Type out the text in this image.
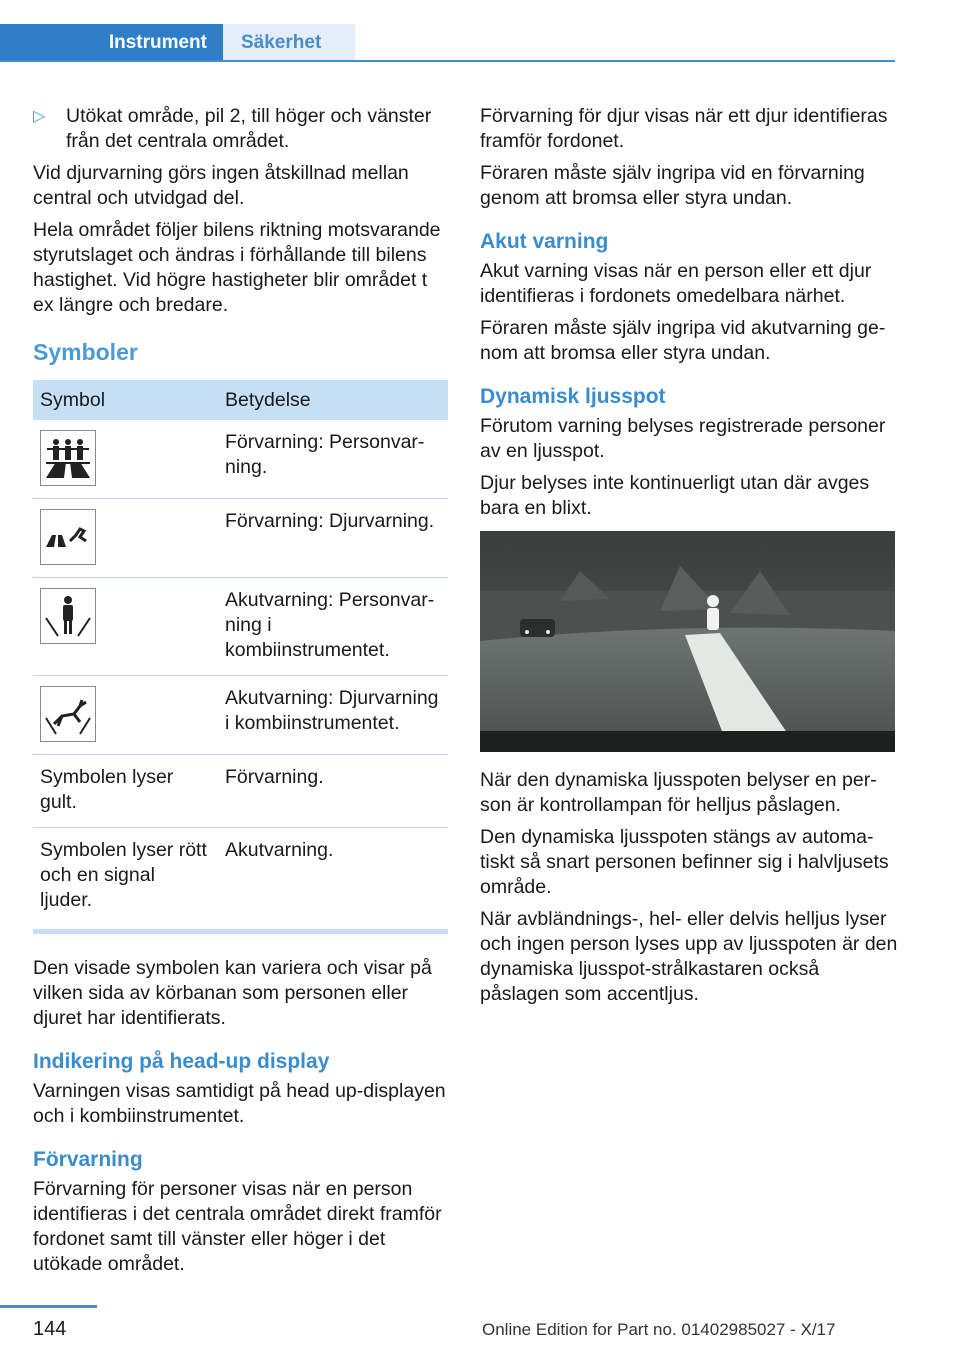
Instrument	Säkerhet
▷	Utökat område, pil 2, till höger och vänster från det centrala området.

Vid djurvarning görs ingen åtskillnad mellan central och utvidgad del.

Hela området följer bilens riktning motsvarande styrutslaget och ändras i förhållande till bilens hastighet. Vid högre hastigheter blir området t ex längre och bredare.

Symboler
Symbol	Betydelse

	Förvarning: Personvarning.

	Förvarning: Djurvarning.

	Akutvarning: Personvarning i kombiinstrumentet.

	Akutvarning: Djurvarning i kombiinstrumentet.
Symbolen lyser gult.	Förvarning.
Symbolen lyser rött och en signal ljuder.	Akutvarning.

Den visade symbolen kan variera och visar på vilken sida av körbanan som personen eller djuret har identifierats.

Indikering på head-up display

Varningen visas samtidigt på head up-displayen och i kombiinstrumentet.

Förvarning

Förvarning för personer visas när en person identifieras i det centrala området direkt framför fordonet samt till vänster eller höger i det utökade området.

Förvarning för djur visas när ett djur identifieras framför fordonet.

Föraren måste själv ingripa vid en förvarning genom att bromsa eller styra undan.

Akut varning

Akut varning visas när en person eller ett djur identifieras i fordonets omedelbara närhet.

Föraren måste själv ingripa vid akutvarning genom att bromsa eller styra undan.

Dynamisk ljusspot

Förutom varning belyses registrerade personer av en ljusspot.

Djur belyses inte kontinuerligt utan där avges bara en blixt.

När den dynamiska ljusspoten belyser en person är kontrollampan för helljus påslagen.

Den dynamiska ljusspoten stängs av automatiskt så snart personen befinner sig i halvljusets område.

När avbländnings-, hel- eller delvis helljus lyser och ingen person lyses upp av ljusspoten är den dynamiska ljusspot-strålkastaren också påslagen som accentljus.

144	Online Edition for Part no. 01402985027 - X/17
